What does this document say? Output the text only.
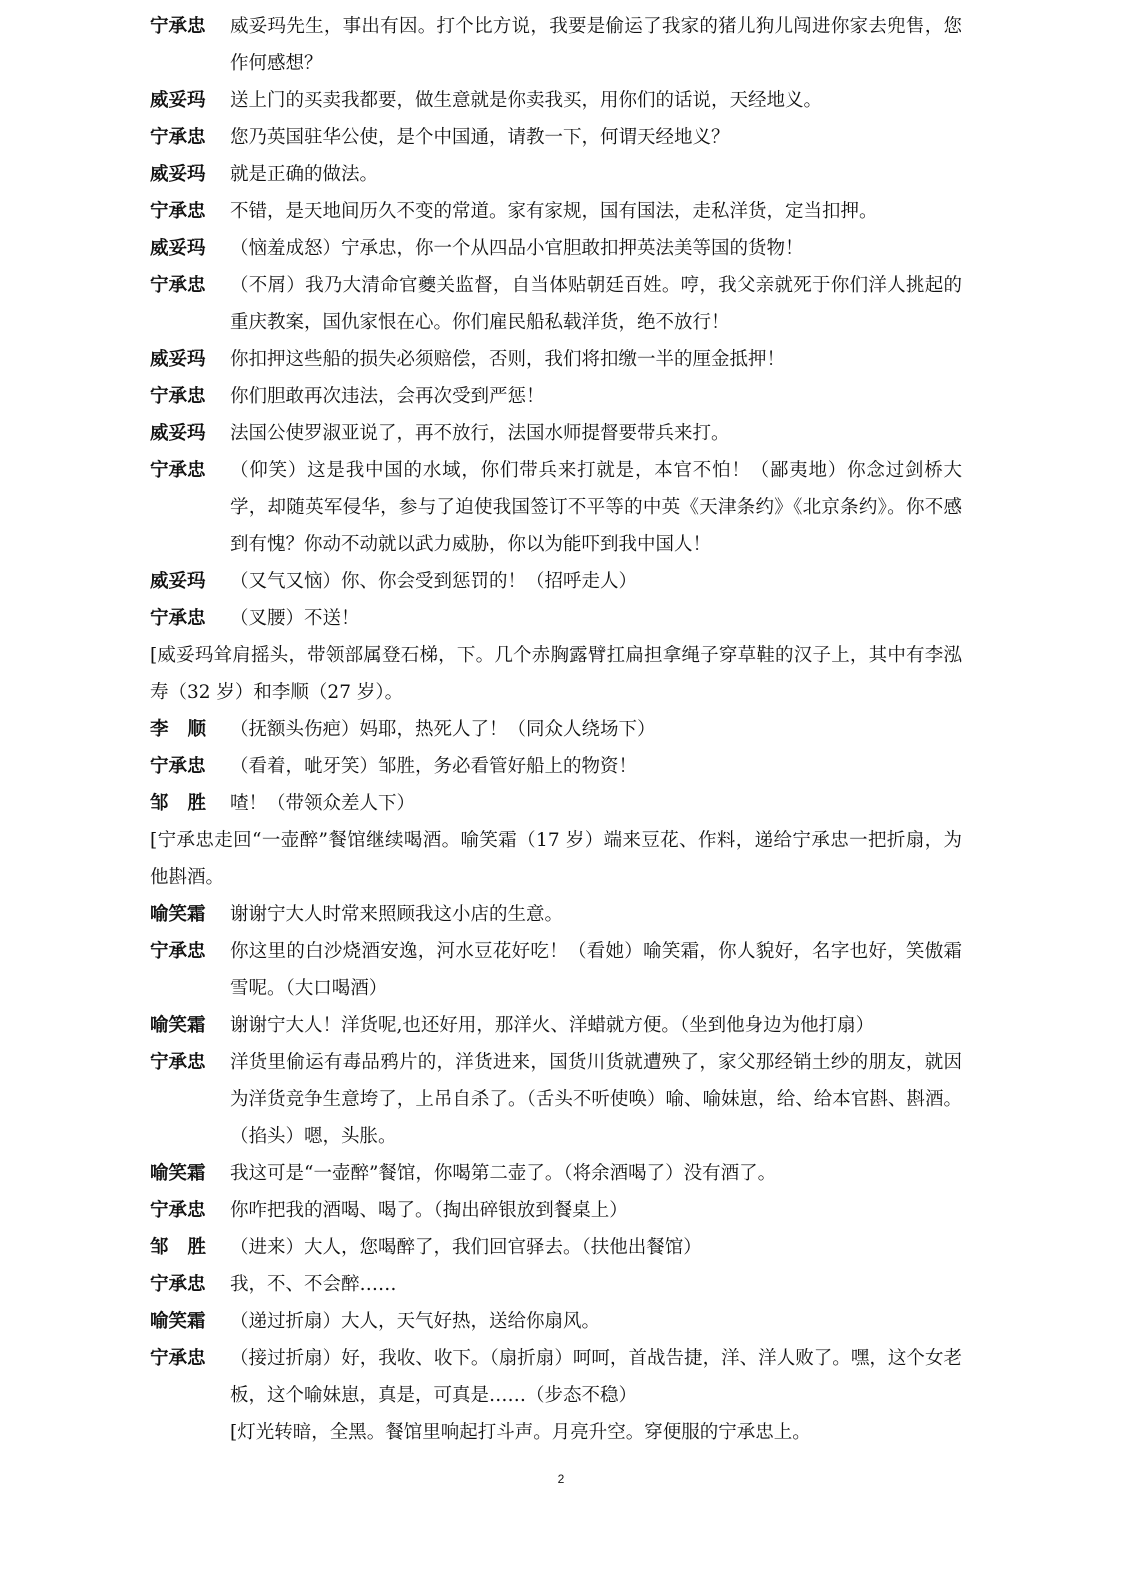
宁承忠	威妥玛先生，事出有因。打个比方说，我要是偷运了我家的猪儿狗儿闯进你家去兜售，您作何感想？
威妥玛	送上门的买卖我都要，做生意就是你卖我买，用你们的话说，天经地义。
宁承忠	您乃英国驻华公使，是个中国通，请教一下，何谓天经地义？
威妥玛	就是正确的做法。
宁承忠	不错，是天地间历久不变的常道。家有家规，国有国法，走私洋货，定当扣押。
威妥玛	（恼羞成怒）宁承忠，你一个从四品小官胆敢扣押英法美等国的货物！
宁承忠	（不屑）我乃大清命官夔关监督，自当体贴朝廷百姓。哼，我父亲就死于你们洋人挑起的重庆教案，国仇家恨在心。你们雇民船私载洋货，绝不放行！
威妥玛	你扣押这些船的损失必须赔偿，否则，我们将扣缴一半的厘金抵押！
宁承忠	你们胆敢再次违法，会再次受到严惩！
威妥玛	法国公使罗淑亚说了，再不放行，法国水师提督要带兵来打。
宁承忠	（仰笑）这是我中国的水域，你们带兵来打就是，本官不怕！（鄙夷地）你念过剑桥大学，却随英军侵华，参与了迫使我国签订不平等的中英《天津条约》《北京条约》。你不感到有愧？你动不动就以武力威胁，你以为能吓到我中国人！
威妥玛	（又气又恼）你、你会受到惩罚的！（招呼走人）
宁承忠	（叉腰）不送！
[威妥玛耸肩摇头，带领部属登石梯，下。几个赤胸露臂扛扁担拿绳子穿草鞋的汉子上，其中有李泓寿（32 岁）和李顺（27 岁）。
李顺 （抚额头伤疤）妈耶，热死人了！（同众人绕场下）
宁承忠	（看着，呲牙笑）邹胜，务必看管好船上的物资！
邹胜 喳！（带领众差人下）
[宁承忠走回“一壶醉”餐馆继续喝酒。喻笑霜（17 岁）端来豆花、作料，递给宁承忠一把折扇，为他斟酒。
喻笑霜	谢谢宁大人时常来照顾我这小店的生意。
宁承忠	你这里的白沙烧酒安逸，河水豆花好吃！（看她）喻笑霜，你人貌好，名字也好，笑傲霜雪呢。（大口喝酒）
喻笑霜	谢谢宁大人！洋货呢,也还好用，那洋火、洋蜡就方便。（坐到他身边为他打扇）
宁承忠	洋货里偷运有毒品鸦片的，洋货进来，国货川货就遭殃了，家父那经销土纱的朋友，就因为洋货竞争生意垮了，上吊自杀了。（舌头不听使唤）喻、喻妹崽，给、给本官斟、斟酒。（掐头）嗯，头胀。
喻笑霜	我这可是“一壶醉”餐馆，你喝第二壶了。（将余酒喝了）没有酒了。
宁承忠	你咋把我的酒喝、喝了。（掏出碎银放到餐桌上）
邹胜 （进来）大人，您喝醉了，我们回官驿去。（扶他出餐馆）
宁承忠	我，不、不会醉……
喻笑霜	（递过折扇）大人，天气好热，送给你扇风。
宁承忠	（接过折扇）好，我收、收下。（扇折扇）呵呵，首战告捷，洋、洋人败了。嘿，这个女老板，这个喻妹崽，真是，可真是……（步态不稳）
[灯光转暗，全黑。餐馆里响起打斗声。月亮升空。穿便服的宁承忠上。
2
